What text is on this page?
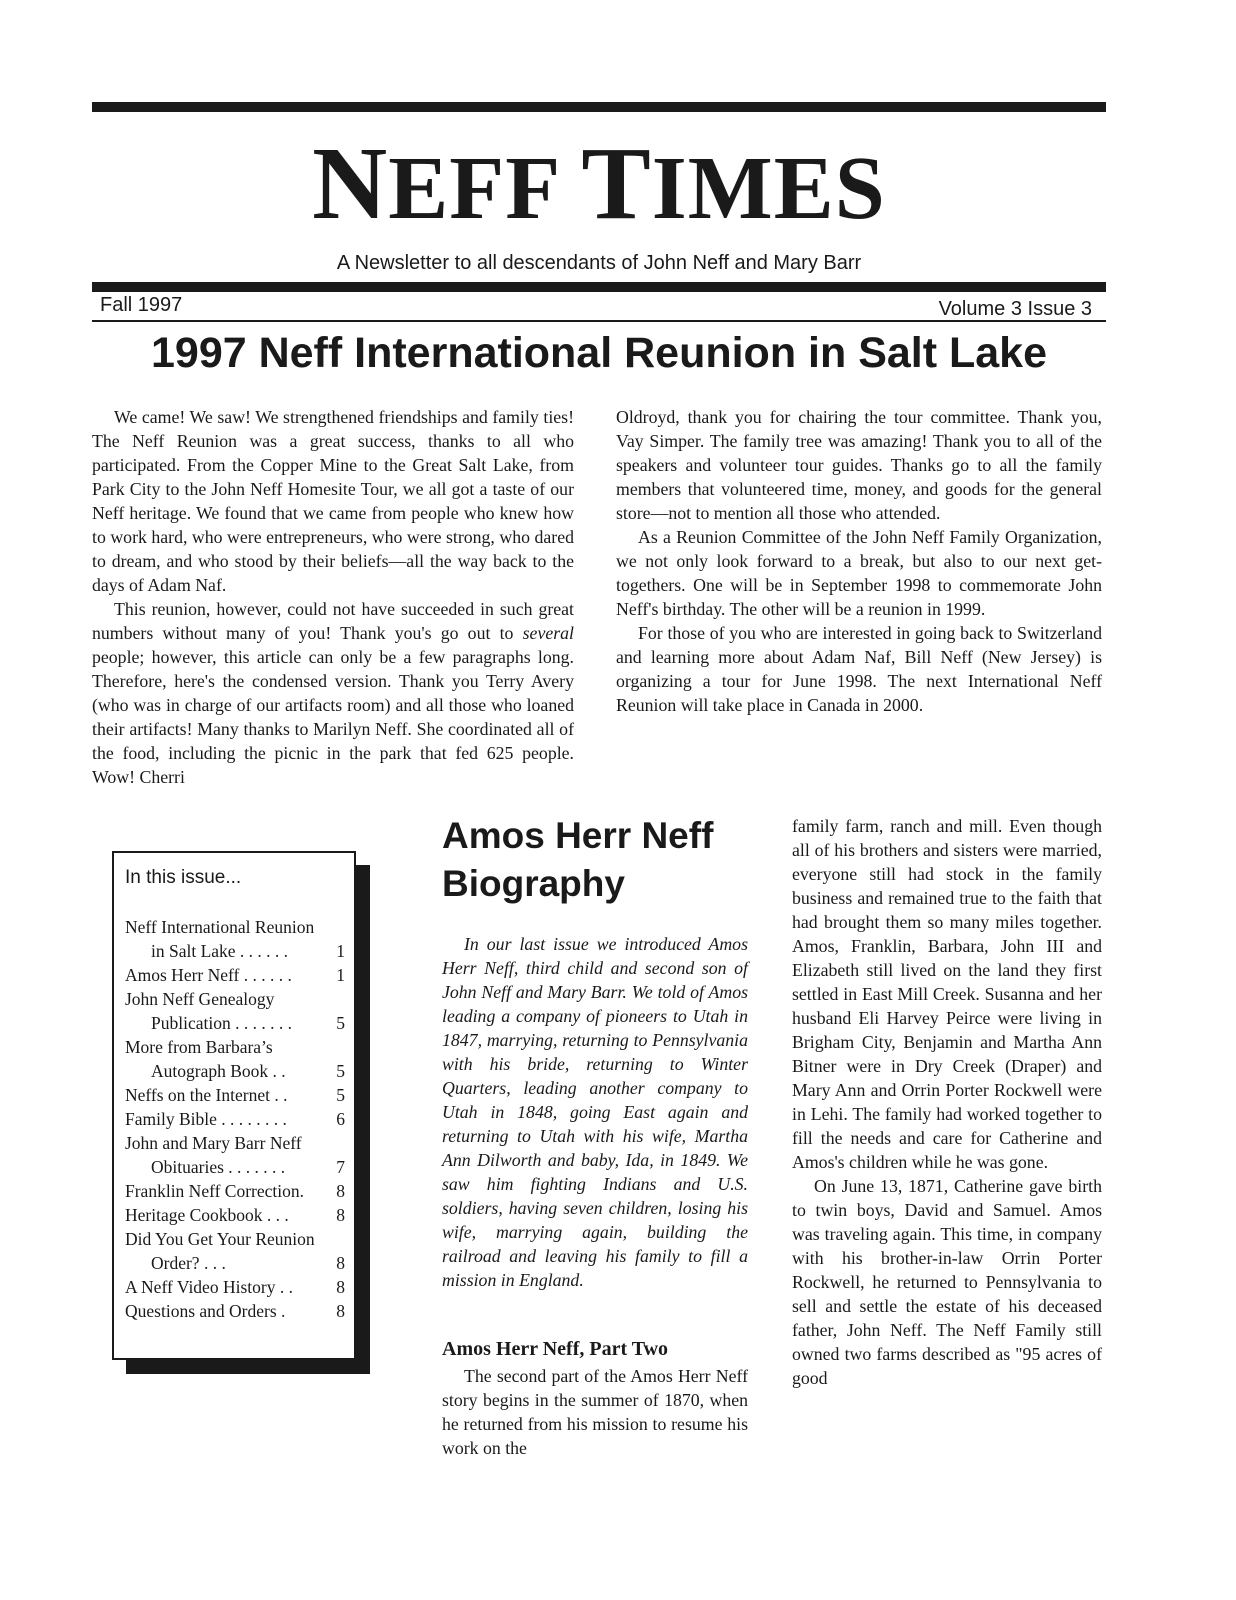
NEFF TIMES
A Newsletter to all descendants of John Neff and Mary Barr
Fall 1997	Volume 3 Issue 3
1997 Neff International Reunion in Salt Lake

We came! We saw! We strengthened friendships and family ties! The Neff Reunion was a great success, thanks to all who participated. From the Copper Mine to the Great Salt Lake, from Park City to the John Neff Homesite Tour, we all got a taste of our Neff heritage. We found that we came from people who knew how to work hard, who were entrepreneurs, who were strong, who dared to dream, and who stood by their beliefs—all the way back to the days of Adam Naf.

This reunion, however, could not have succeeded in such great numbers without many of you! Thank you's go out to several people; however, this article can only be a few paragraphs long. Therefore, here's the condensed version. Thank you Terry Avery (who was in charge of our artifacts room) and all those who loaned their artifacts! Many thanks to Marilyn Neff. She coordinated all of the food, including the picnic in the park that fed 625 people. Wow! Cherri

Oldroyd, thank you for chairing the tour committee. Thank you, Vay Simper. The family tree was amazing! Thank you to all of the speakers and volunteer tour guides. Thanks go to all the family members that volunteered time, money, and goods for the general store—not to mention all those who attended.

As a Reunion Committee of the John Neff Family Organization, we not only look forward to a break, but also to our next get-togethers. One will be in September 1998 to commemorate John Neff's birthday. The other will be a reunion in 1999.

For those of you who are interested in going back to Switzerland and learning more about Adam Naf, Bill Neff (New Jersey) is organizing a tour for June 1998. The next International Neff Reunion will take place in Canada in 2000.

In this issue...
Neff International Reunion in Salt Lake . . . . . .	1
Amos Herr Neff . . . . . .	1
John Neff Genealogy Publication . . . . . . .	5
More from Barbara’s Autograph Book . .	5
Neffs on the Internet . .	5
Family Bible . . . . . . . .	6
John and Mary Barr Neff Obituaries . . . . . . .	7
Franklin Neff Correction. 8
Heritage Cookbook . . .	8
Did You Get Your Reunion Order? . . .	8
A Neff Video History . . 8
Questions and Orders .	8
Amos Herr Neff Biography

In our last issue we introduced Amos Herr Neff, third child and second son of John Neff and Mary Barr. We told of Amos leading a company of pioneers to Utah in 1847, marrying, returning to Pennsylvania with his bride, returning to Winter Quarters, leading another company to Utah in 1848, going East again and returning to Utah with his wife, Martha Ann Dilworth and baby, Ida, in 1849. We saw him fighting Indians and U.S. soldiers, having seven children, losing his wife, marrying again, building the railroad and leaving his family to fill a mission in England.

Amos Herr Neff, Part Two

The second part of the Amos Herr Neff story begins in the summer of 1870, when he returned from his mission to resume his work on the

family farm, ranch and mill. Even though all of his brothers and sisters were married, everyone still had stock in the family business and remained true to the faith that had brought them so many miles together. Amos, Franklin, Barbara, John III and Elizabeth still lived on the land they first settled in East Mill Creek. Susanna and her husband Eli Harvey Peirce were living in Brigham City, Benjamin and Martha Ann Bitner were in Dry Creek (Draper) and Mary Ann and Orrin Porter Rockwell were in Lehi. The family had worked together to fill the needs and care for Catherine and Amos's children while he was gone.

On June 13, 1871, Catherine gave birth to twin boys, David and Samuel. Amos was traveling again. This time, in company with his brother-in-law Orrin Porter Rockwell, he returned to Pennsylvania to sell and settle the estate of his deceased father, John Neff. The Neff Family still owned two farms described as "95 acres of good
